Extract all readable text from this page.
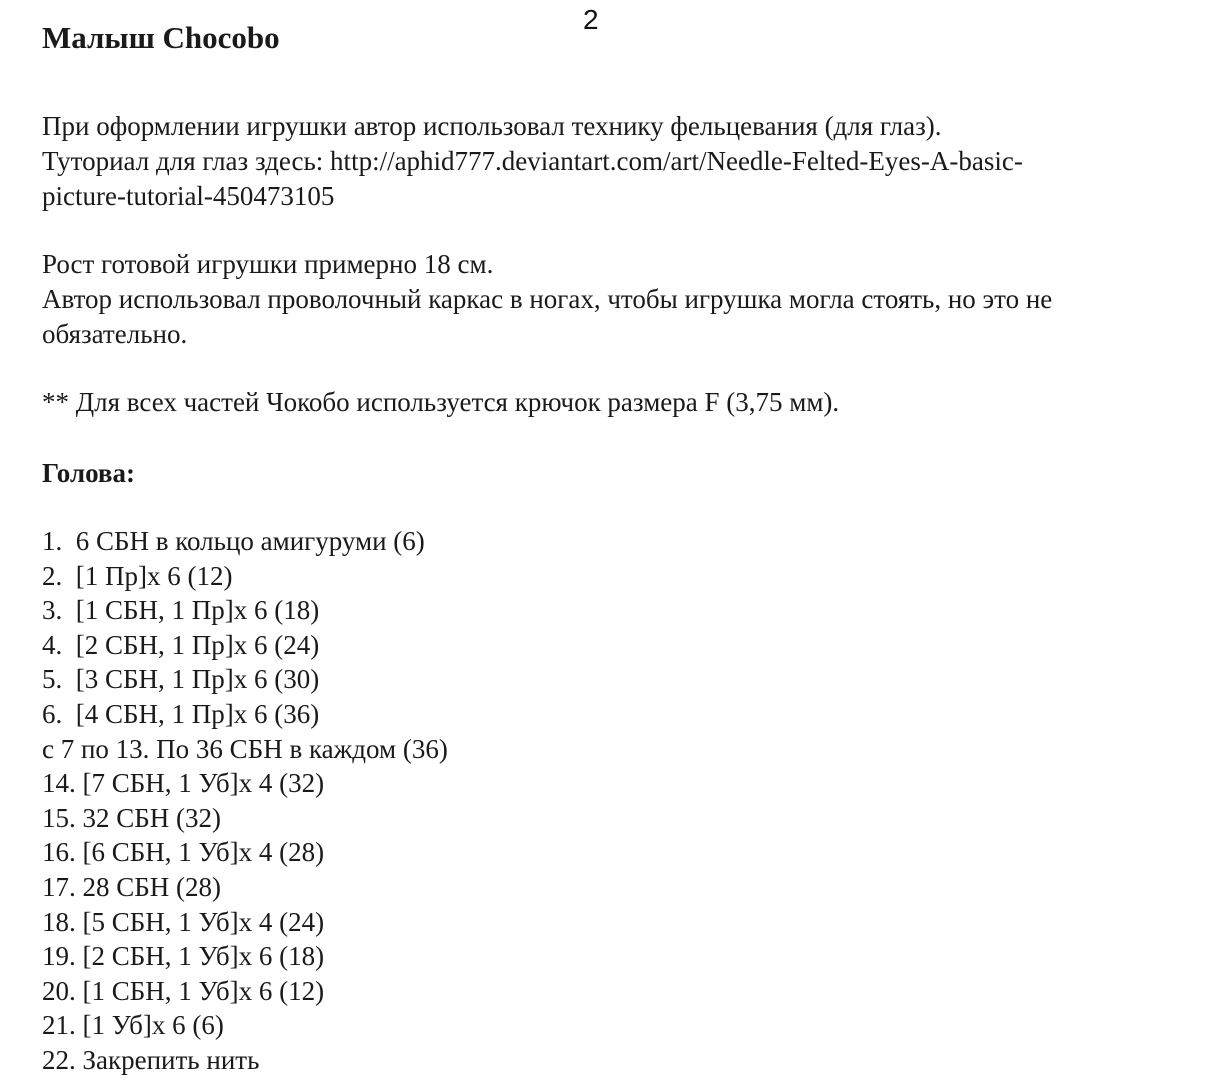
2
Малыш Chocobo

При оформлении игрушки автор использовал технику фельцевания (для глаз).
Туториал для глаз здесь: http://aphid777.deviantart.com/art/Needle-Felted-Eyes-A-basic-
picture-tutorial-450473105

Рост готовой игрушки примерно 18 см.
Автор использовал проволочный каркас в ногах, чтобы игрушка могла стоять, но это не
обязательно.

** Для всех частей Чокобо используется крючок размера F (3,75 мм).

Голова:

1.  6 СБН в кольцо амигуруми (6)

2.  [1 Пр]х 6 (12)

3.  [1 СБН, 1 Пр]х 6 (18)

4.  [2 СБН, 1 Пр]х 6 (24)

5.  [3 СБН, 1 Пр]х 6 (30)

6.  [4 СБН, 1 Пр]х 6 (36)

с 7 по 13. По 36 СБН в каждом (36)

14. [7 СБН, 1 Уб]х 4 (32)

15. 32 СБН (32)

16. [6 СБН, 1 Уб]х 4 (28)

17. 28 СБН (28)

18. [5 СБН, 1 Уб]х 4 (24)

19. [2 СБН, 1 Уб]х 6 (18)

20. [1 СБН, 1 Уб]х 6 (12)

21. [1 Уб]х 6 (6)

22. Закрепить нить
